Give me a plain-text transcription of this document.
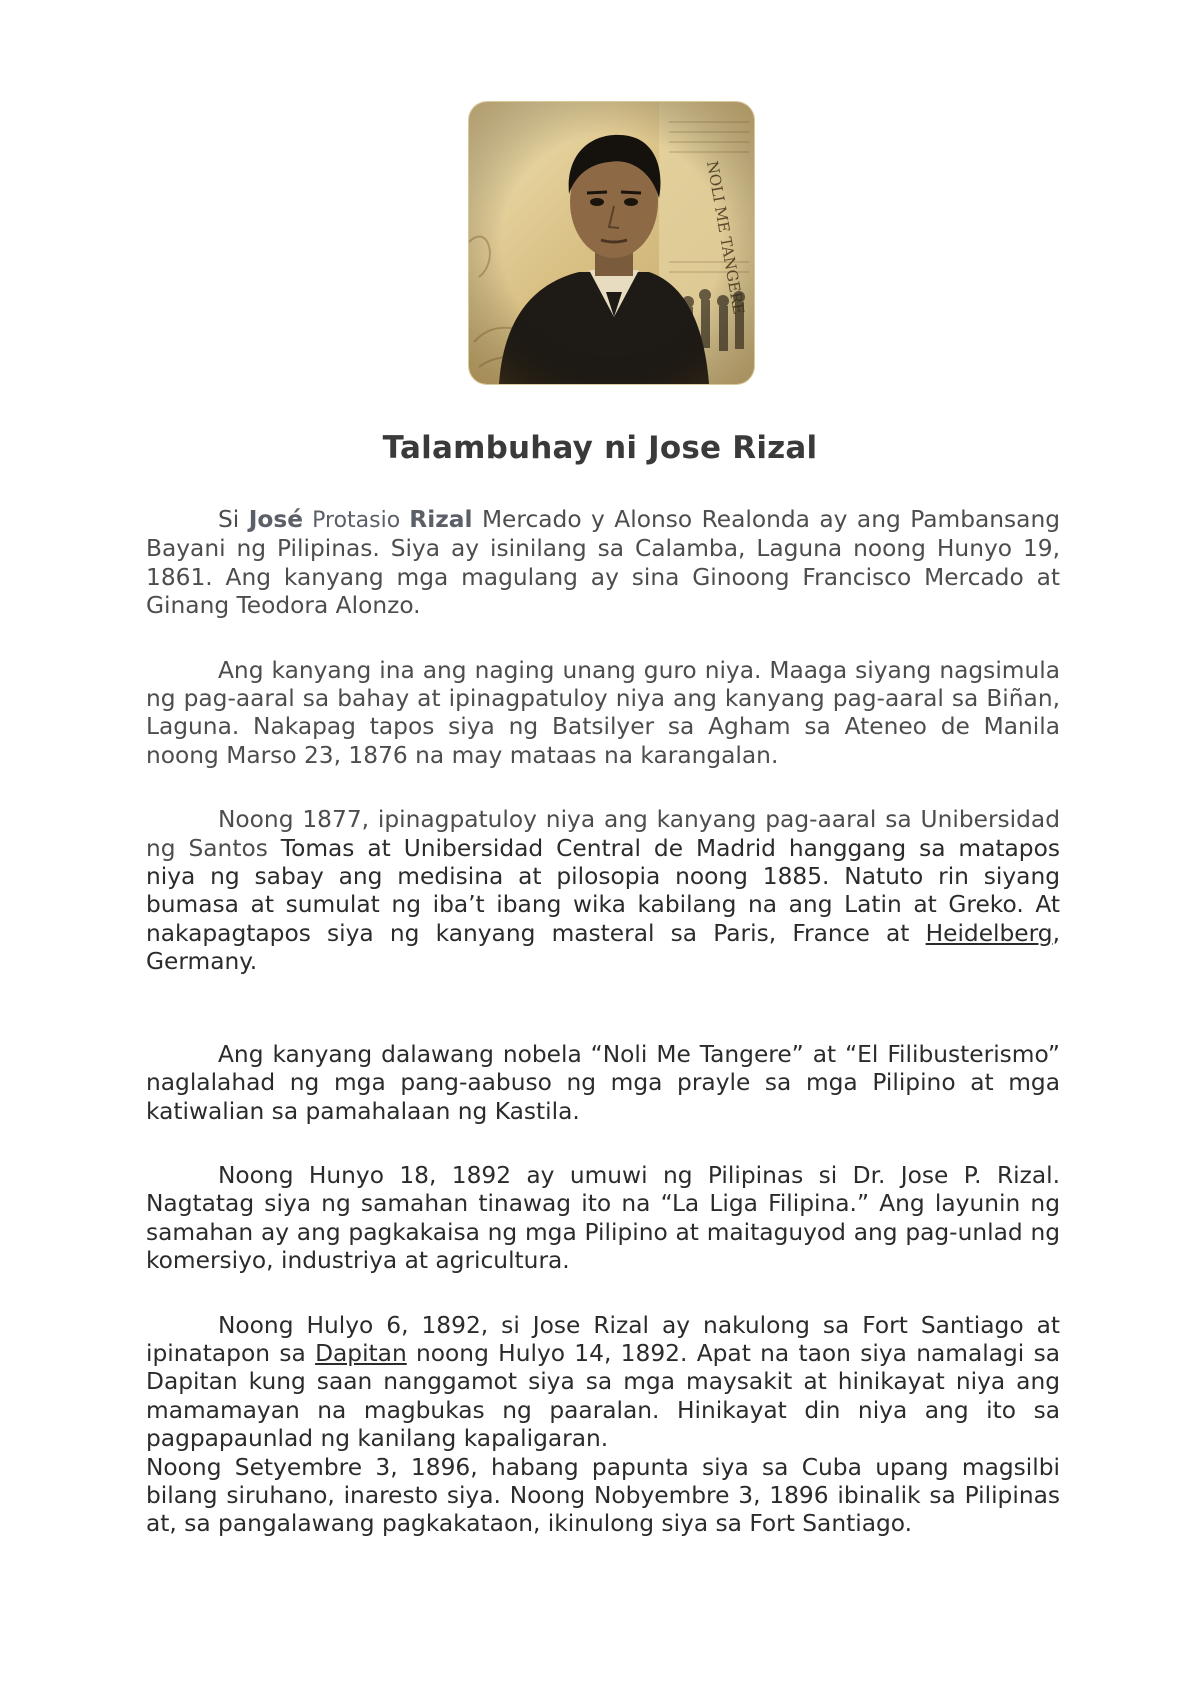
Talambuhay ni Jose Rizal

Si José Protasio Rizal Mercado y Alonso Realonda ay ang Pambansang Bayani ng Pilipinas. Siya ay isinilang sa Calamba, Laguna noong Hunyo 19, 1861. Ang kanyang mga magulang ay sina Ginoong Francisco Mercado at Ginang Teodora Alonzo.

Ang kanyang ina ang naging unang guro niya. Maaga siyang nagsimula ng pag-aaral sa bahay at ipinagpatuloy niya ang kanyang pag-aaral sa Biñan, Laguna. Nakapag tapos siya ng Batsilyer sa Agham sa Ateneo de Manila noong Marso 23, 1876 na may mataas na karangalan.

Noong 1877, ipinagpatuloy niya ang kanyang pag-aaral sa Unibersidad ng Santos Tomas at Unibersidad Central de Madrid hanggang sa matapos niya ng sabay ang medisina at pilosopia noong 1885. Natuto rin siyang bumasa at sumulat ng iba’t ibang wika kabilang na ang Latin at Greko. At nakapagtapos siya ng kanyang masteral sa Paris, France at Heidelberg, Germany.

Ang kanyang dalawang nobela “Noli Me Tangere” at “El Filibusterismo” naglalahad ng mga pang-aabuso ng mga prayle sa mga Pilipino at mga katiwalian sa pamahalaan ng Kastila.

Noong Hunyo 18, 1892 ay umuwi ng Pilipinas si Dr. Jose P. Rizal. Nagtatag siya ng samahan tinawag ito na “La Liga Filipina.” Ang layunin ng samahan ay ang pagkakaisa ng mga Pilipino at maitaguyod ang pag-unlad ng komersiyo, industriya at agricultura.

Noong Hulyo 6, 1892, si Jose Rizal ay nakulong sa Fort Santiago at ipinatapon sa Dapitan noong Hulyo 14, 1892. Apat na taon siya namalagi sa Dapitan kung saan nanggamot siya sa mga maysakit at hinikayat niya ang mamamayan na magbukas ng paaralan. Hinikayat din niya ang ito sa pagpapaunlad ng kanilang kapaligaran.

Noong Setyembre 3, 1896, habang papunta siya sa Cuba upang magsilbi bilang siruhano, inaresto siya. Noong Nobyembre 3, 1896 ibinalik sa Pilipinas at, sa pangalawang pagkakataon, ikinulong siya sa Fort Santiago.
